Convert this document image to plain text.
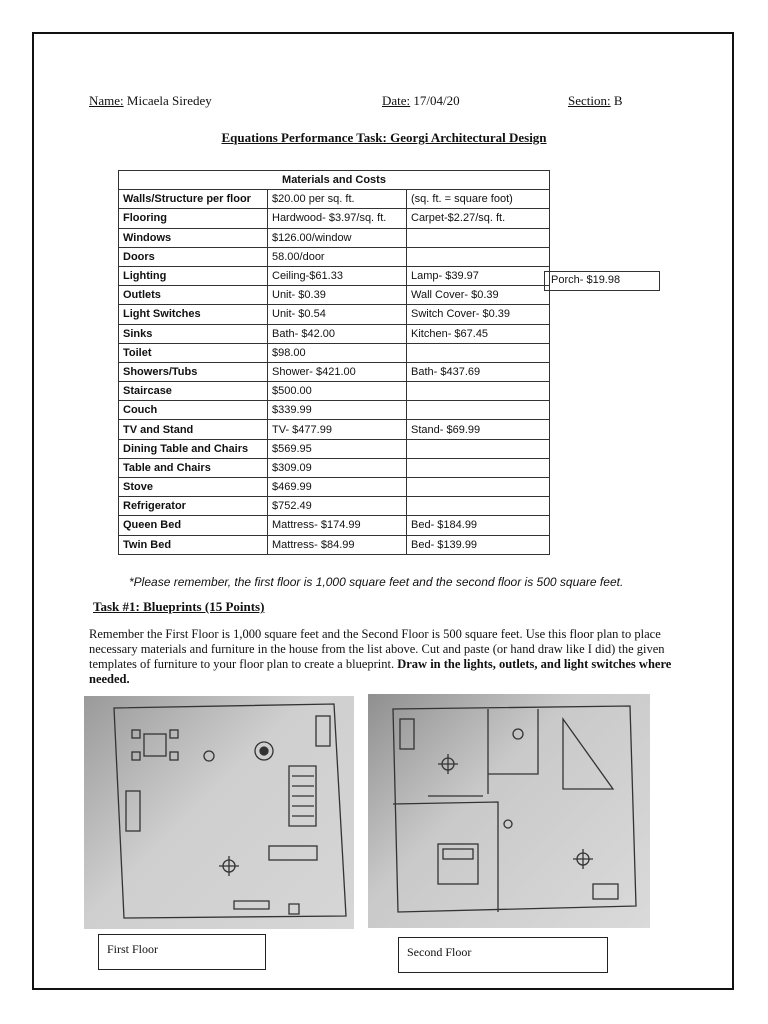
Name: Micaela Siredey	Date: 17/04/20	Section: B
Equations Performance Task: Georgi Architectural Design
Materials and Costs		
Walls/Structure per floor	$20.00 per sq. ft.	(sq. ft. = square foot)
Flooring	Hardwood- $3.97/sq. ft.	Carpet-$2.27/sq. ft.
Windows	$126.00/window	
Doors	58.00/door	
Lighting	Ceiling-$61.33	Lamp- $39.97
Outlets	Unit- $0.39	Wall Cover- $0.39
Light Switches	Unit- $0.54	Switch Cover- $0.39
Sinks	Bath- $42.00	Kitchen- $67.45
Toilet	$98.00	
Showers/Tubs	Shower- $421.00	Bath- $437.69
Staircase	$500.00	
Couch	$339.99	
TV and Stand	TV- $477.99	Stand- $69.99
Dining Table and Chairs	$569.95	
Table and Chairs	$309.09	
Stove	$469.99	
Refrigerator	$752.49	
Queen Bed	Mattress- $174.99	Bed- $184.99
Twin Bed	Mattress- $84.99	Bed- $139.99
Porch- $19.98
*Please remember, the first floor is 1,000 square feet and the second floor is 500 square feet.
Task #1: Blueprints (15 Points)
Remember the First Floor is 1,000 square feet and the Second Floor is 500 square feet. Use this floor plan to place necessary materials and furniture in the house from the list above. Cut and paste (or hand draw like I did) the given templates of furniture to your floor plan to create a blueprint. Draw in the lights, outlets, and light switches where needed.
First Floor	Second Floor
